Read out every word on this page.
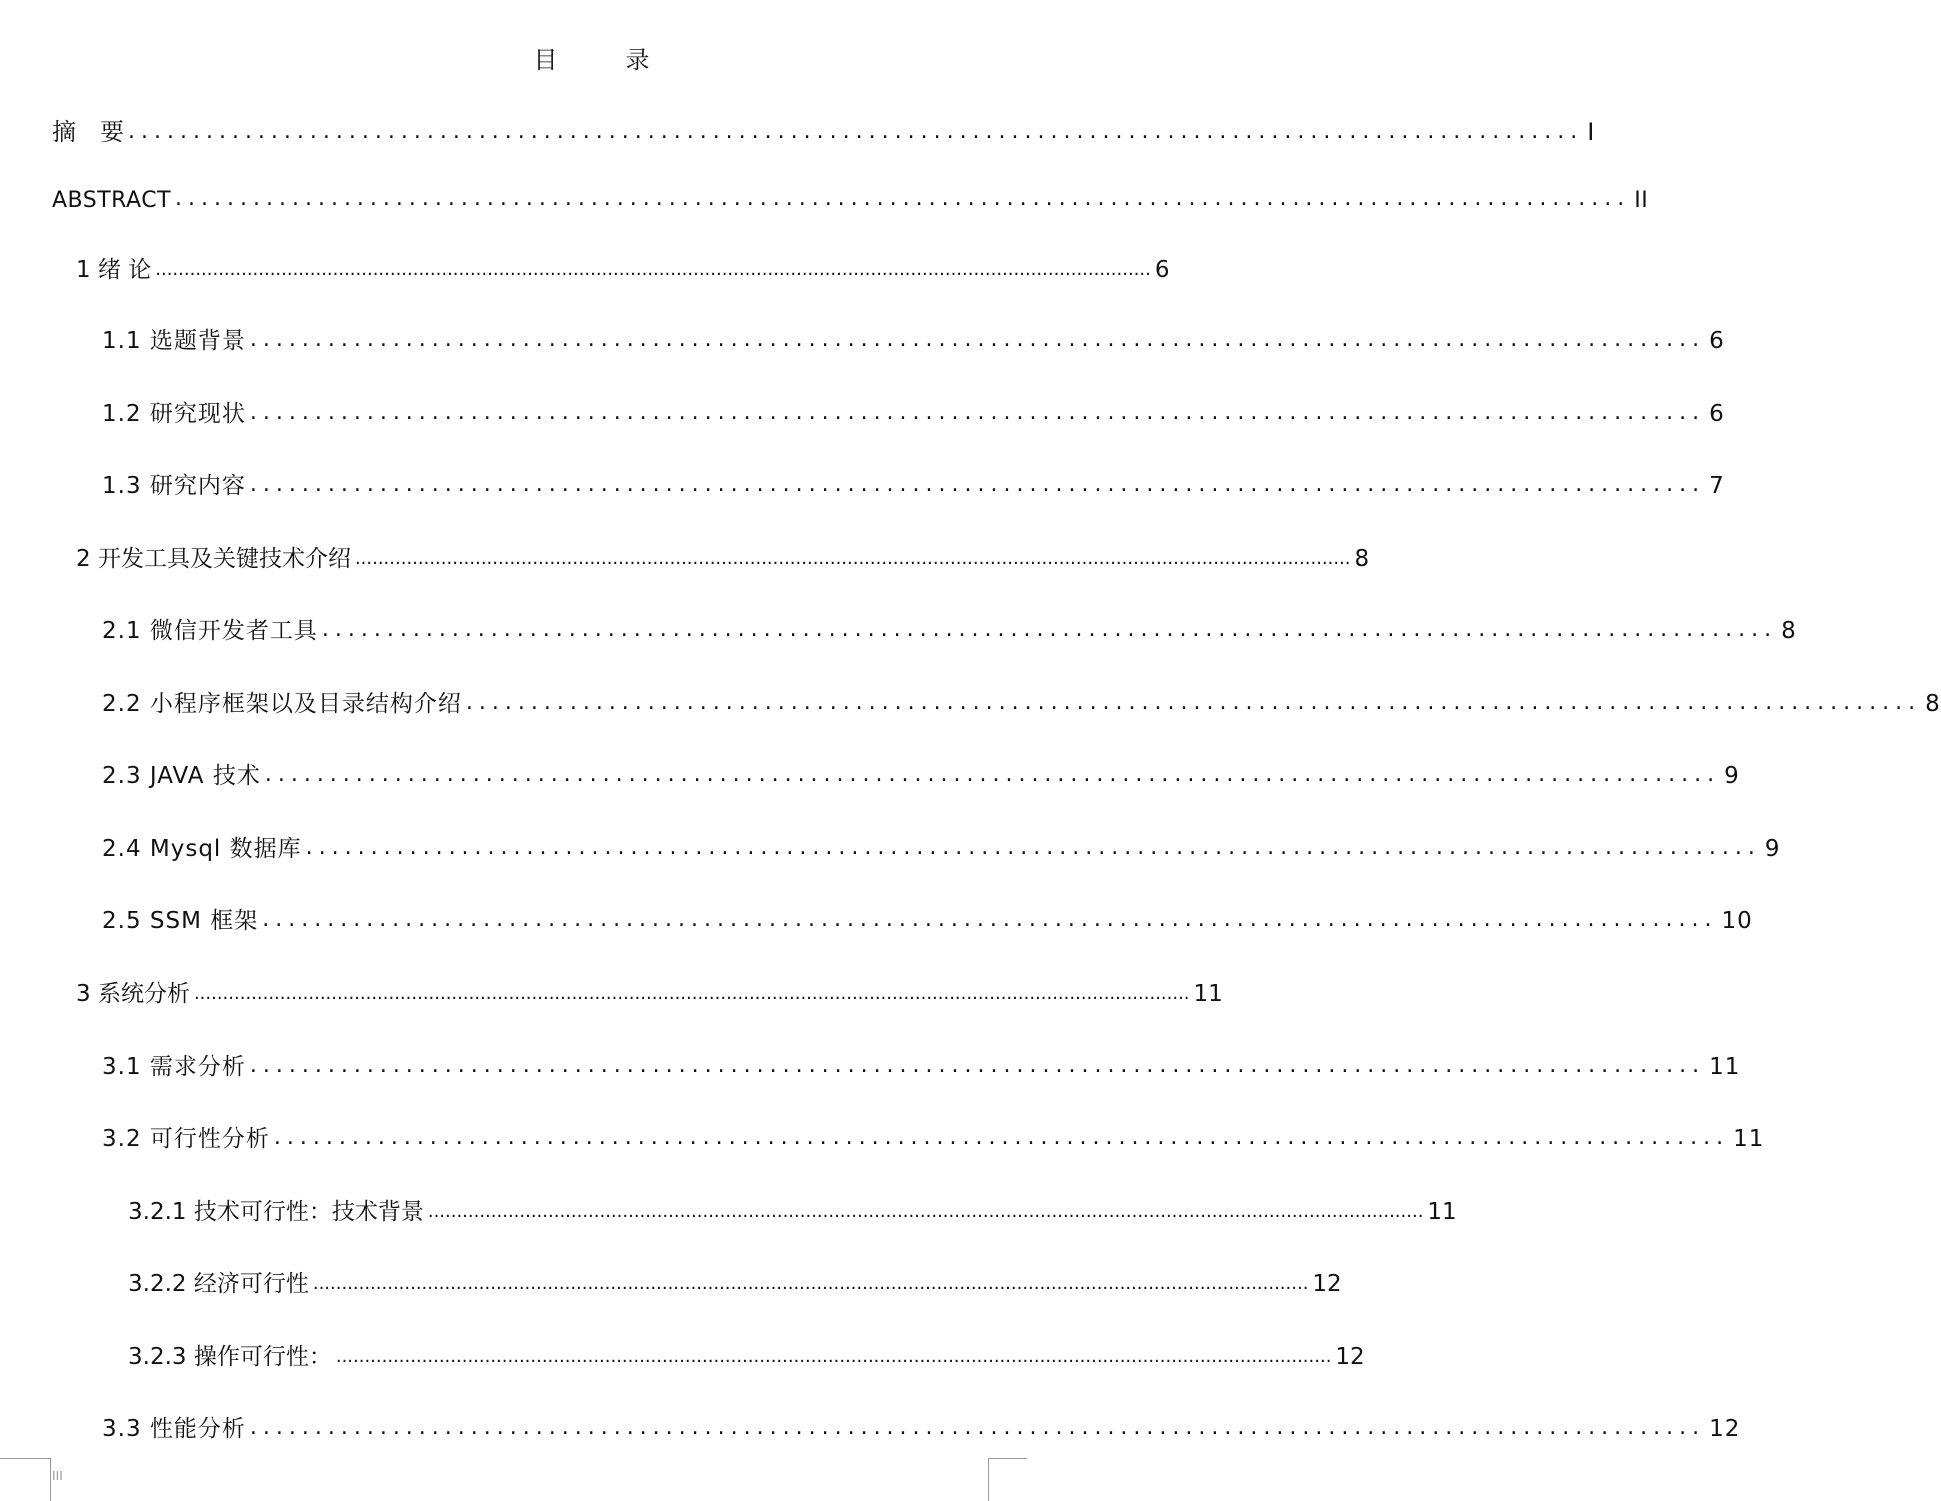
目　录
摘　要 ................................................................................................................ I
ABSTRACT ................................................................................................................ II
1 绪 论 .............................................................................................................................................................................. 6
1.1 选题背景 ................................................................................................................ 6
1.2 研究现状 ................................................................................................................ 6
1.3 研究内容 ................................................................................................................ 7
2 开发工具及关键技术介绍 .............................................................................................................................................................................. 8
2.1 微信开发者工具 ................................................................................................................ 8
2.2 小程序框架以及目录结构介绍 ................................................................................................................ 8
2.3 JAVA 技术 ................................................................................................................ 9
2.4 Mysql 数据库 ................................................................................................................ 9
2.5 SSM 框架 ................................................................................................................ 10
3 系统分析 .............................................................................................................................................................................. 11
3.1 需求分析 ................................................................................................................ 11
3.2 可行性分析 ................................................................................................................ 11
3.2.1 技术可行性：技术背景 .............................................................................................................................................................................. 11
3.2.2 经济可行性 .............................................................................................................................................................................. 12
3.2.3 操作可行性： .............................................................................................................................................................................. 12
3.3 性能分析 ................................................................................................................ 12
III
